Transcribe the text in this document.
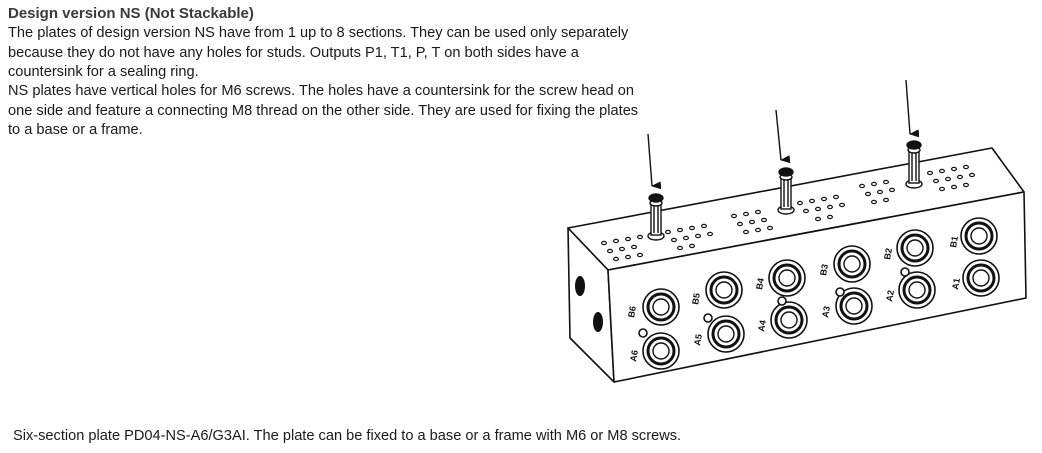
Design version NS (Not Stackable)

The plates of design version NS have from 1 up to 8 sections. They can be used only separately because they do not have any holes for studs. Outputs P1, T1, P, T on both sides have a countersink for a sealing ring.

NS plates have vertical holes for M6 screws. The holes have a countersink for the screw head on one side and feature a connecting M8 thread on the other side. They are used for fixing the plates to a base or a frame.

B6
A6
B5
A5
B4
A4
B3
A3
B2
A2
B1
A1

Six-section plate PD04-NS-A6/G3AI. The plate can be fixed to a base or a frame with M6 or M8 screws.
